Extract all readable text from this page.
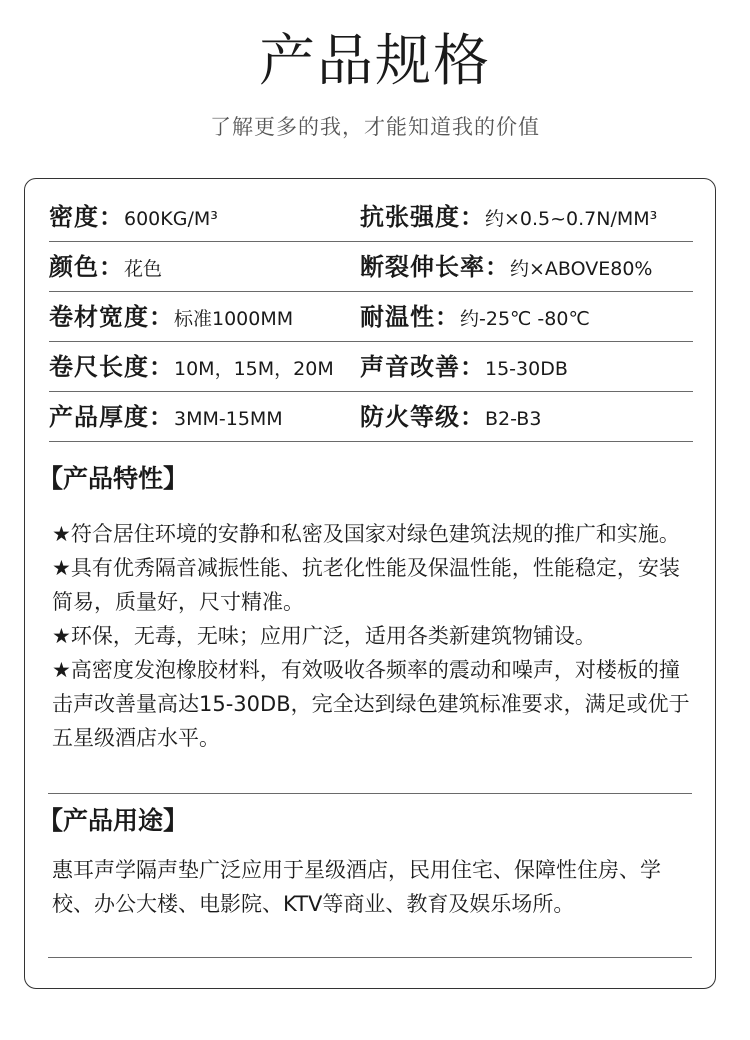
产品规格
了解更多的我，才能知道我的价值
密度：600KG/M³	抗张强度：约×0.5~0.7N/MM³
颜色：花色	断裂伸长率：约×ABOVE80%
卷材宽度：标准1000MM	耐温性：约-25℃ -80℃
卷尺长度：10M，15M，20M 声音改善：15-30DB
产品厚度：3MM-15MM	防火等级：B2-B3
【产品特性】

★符合居住环境的安静和私密及国家对绿色建筑法规的推广和实施。

★具有优秀隔音减振性能、抗老化性能及保温性能，性能稳定，安装简易，质量好，尺寸精准。

★环保，无毒，无味；应用广泛，适用各类新建筑物铺设。

★高密度发泡橡胶材料，有效吸收各频率的震动和噪声，对楼板的撞击声改善量高达15-30DB，完全达到绿色建筑标准要求，满足或优于五星级酒店水平。

【产品用途】

惠耳声学隔声垫广泛应用于星级酒店，民用住宅、保障性住房、学校、办公大楼、电影院、KTV等商业、教育及娱乐场所。
